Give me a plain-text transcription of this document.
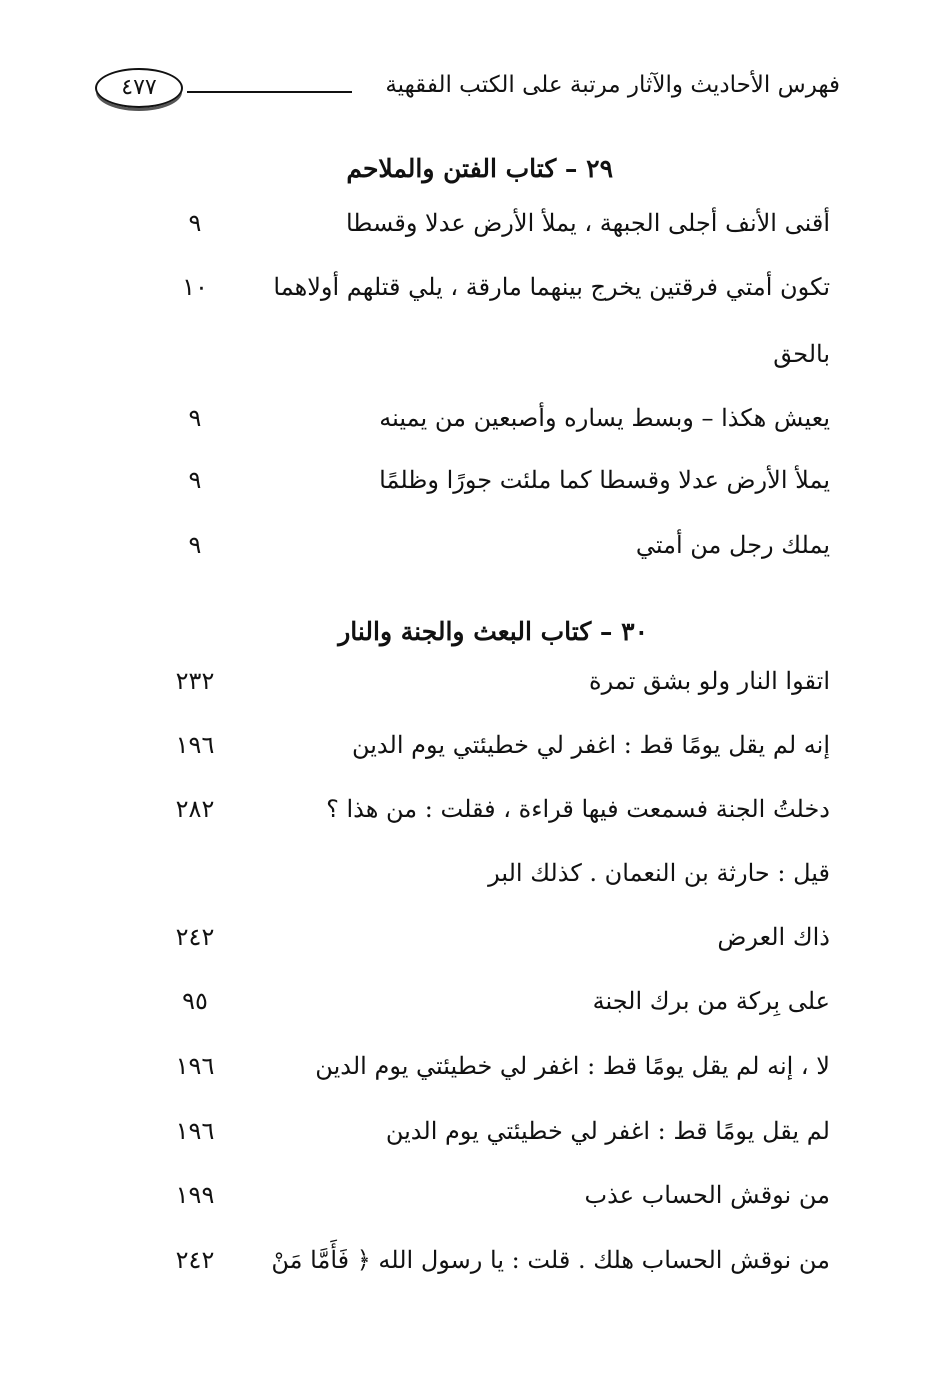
٤٧٧	فهرس الأحاديث والآثار مرتبة على الكتب الفقهية
٢٩ – كتاب الفتن والملاحم
أقنى الأنف أجلى الجبهة ، يملأ الأرض عدلا وقسطا
٩
تكون أمتي فرقتين يخرج بينهما مارقة ، يلي قتلهم أولاهما
١٠
بالحق
يعيش هكذا – وبسط يساره وأصبعين من يمينه
٩
يملأ الأرض عدلا وقسطا كما ملئت جورًا وظلمًا
٩
يملك رجل من أمتي
٩
٣٠ – كتاب البعث والجنة والنار
اتقوا النار ولو بشق تمرة
٢٣٢
إنه لم يقل يومًا قط : اغفر لي خطيئتي يوم الدين
١٩٦
دخلتُ الجنة فسمعت فيها قراءة ، فقلت : من هذا ؟
٢٨٢
قيل : حارثة بن النعمان . كذلك البر
ذاك العرض
٢٤٢
على بِركة من برك الجنة
٩٥
لا ، إنه لم يقل يومًا قط : اغفر لي خطيئتي يوم الدين
١٩٦
لم يقل يومًا قط : اغفر لي خطيئتي يوم الدين
١٩٦
من نوقش الحساب عذب
١٩٩
من نوقش الحساب هلك . قلت : يا رسول الله ﴿ فَأَمَّا مَنْ
٢٤٢
